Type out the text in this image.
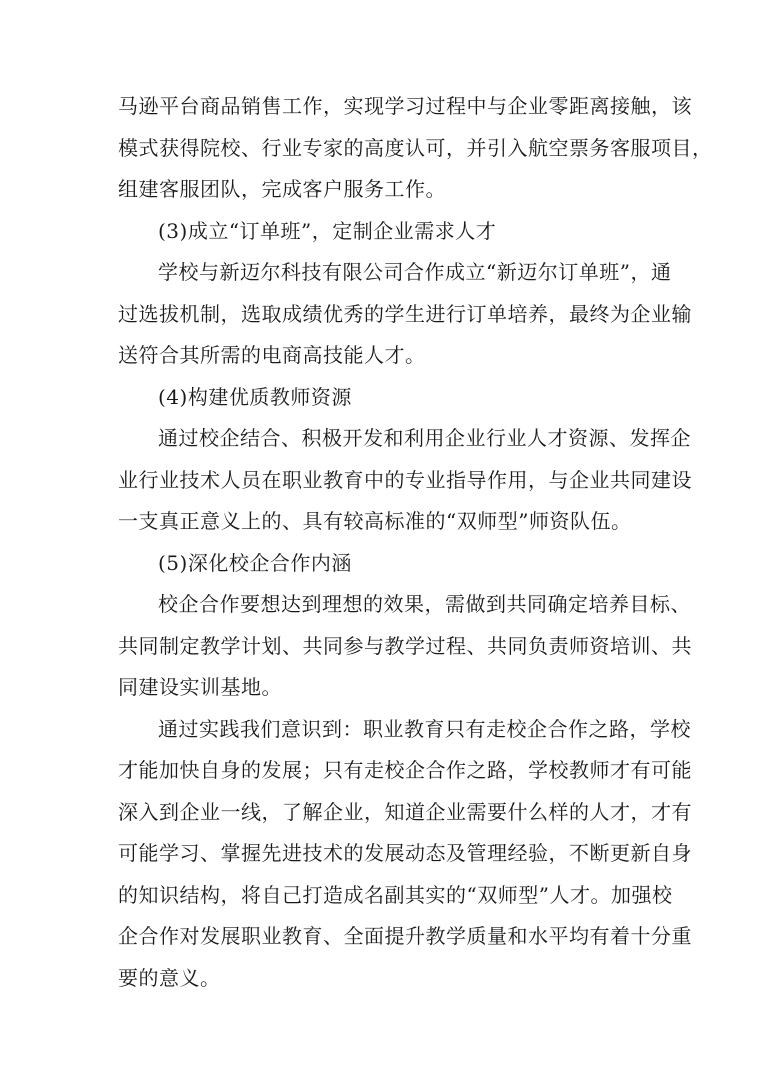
马逊平台商品销售工作，实现学习过程中与企业零距离接触，该
模式获得院校、行业专家的高度认可，并引入航空票务客服项目，
组建客服团队，完成客户服务工作。
(3)成立“订单班”，定制企业需求人才
学校与新迈尔科技有限公司合作成立“新迈尔订单班”，通
过选拔机制，选取成绩优秀的学生进行订单培养，最终为企业输
送符合其所需的电商高技能人才。
(4)构建优质教师资源
通过校企结合、积极开发和利用企业行业人才资源、发挥企
业行业技术人员在职业教育中的专业指导作用，与企业共同建设
一支真正意义上的、具有较高标准的“双师型”师资队伍。
(5)深化校企合作内涵
校企合作要想达到理想的效果，需做到共同确定培养目标、
共同制定教学计划、共同参与教学过程、共同负责师资培训、共
同建设实训基地。
通过实践我们意识到：职业教育只有走校企合作之路，学校
才能加快自身的发展；只有走校企合作之路，学校教师才有可能
深入到企业一线，了解企业，知道企业需要什么样的人才，才有
可能学习、掌握先进技术的发展动态及管理经验，不断更新自身
的知识结构，将自己打造成名副其实的“双师型”人才。加强校
企合作对发展职业教育、全面提升教学质量和水平均有着十分重
要的意义。
